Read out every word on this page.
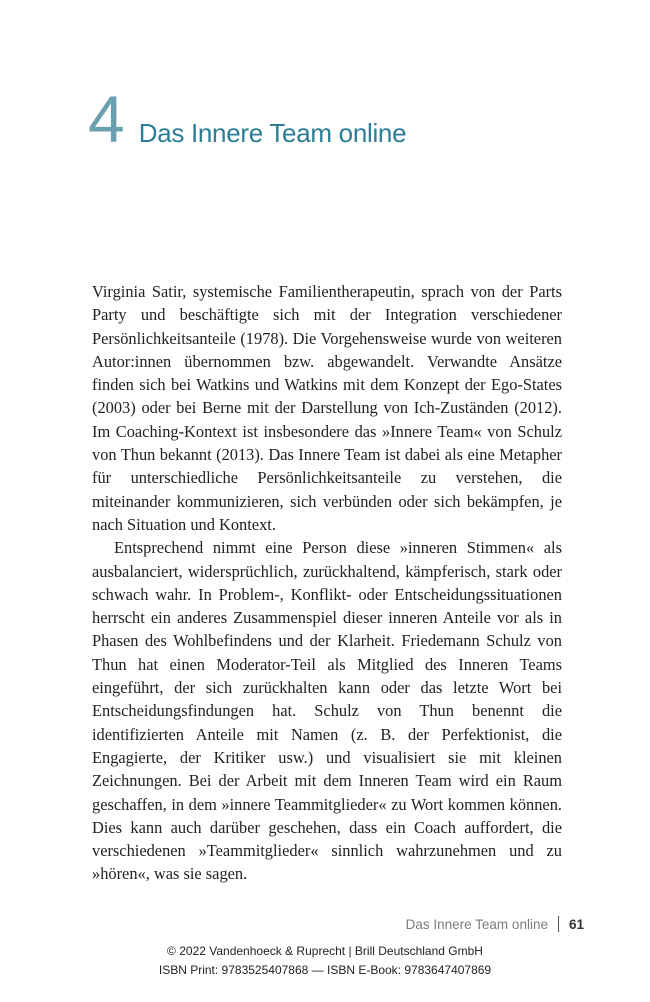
4 Das Innere Team online

Virginia Satir, systemische Familientherapeutin, sprach von der Parts Party und beschäftigte sich mit der Integration verschiedener Persönlichkeitsanteile (1978). Die Vorgehensweise wurde von weiteren Autor:innen übernommen bzw. abgewandelt. Verwandte Ansätze finden sich bei Watkins und Watkins mit dem Konzept der Ego-States (2003) oder bei Berne mit der Darstellung von Ich-Zuständen (2012). Im Coaching-Kontext ist insbesondere das »Innere Team« von Schulz von Thun bekannt (2013). Das Innere Team ist dabei als eine Metapher für unterschiedliche Persönlichkeitsanteile zu verstehen, die miteinander kommunizieren, sich verbünden oder sich bekämpfen, je nach Situation und Kontext.

Entsprechend nimmt eine Person diese »inneren Stimmen« als ausbalanciert, widersprüchlich, zurückhaltend, kämpferisch, stark oder schwach wahr. In Problem-, Konflikt- oder Entscheidungssituationen herrscht ein anderes Zusammenspiel dieser inneren Anteile vor als in Phasen des Wohlbefindens und der Klarheit. Friedemann Schulz von Thun hat einen Moderator-Teil als Mitglied des Inneren Teams eingeführt, der sich zurückhalten kann oder das letzte Wort bei Entscheidungsfindungen hat. Schulz von Thun benennt die identifizierten Anteile mit Namen (z. B. der Perfektionist, die Engagierte, der Kritiker usw.) und visualisiert sie mit kleinen Zeichnungen. Bei der Arbeit mit dem Inneren Team wird ein Raum geschaffen, in dem »innere Teammitglieder« zu Wort kommen können. Dies kann auch darüber geschehen, dass ein Coach auffordert, die verschiedenen »Teammitglieder« sinnlich wahrzunehmen und zu »hören«, was sie sagen.

Das Innere Team online 61
© 2022 Vandenhoeck & Ruprecht | Brill Deutschland GmbH
ISBN Print: 9783525407868 — ISBN E-Book: 9783647407869
